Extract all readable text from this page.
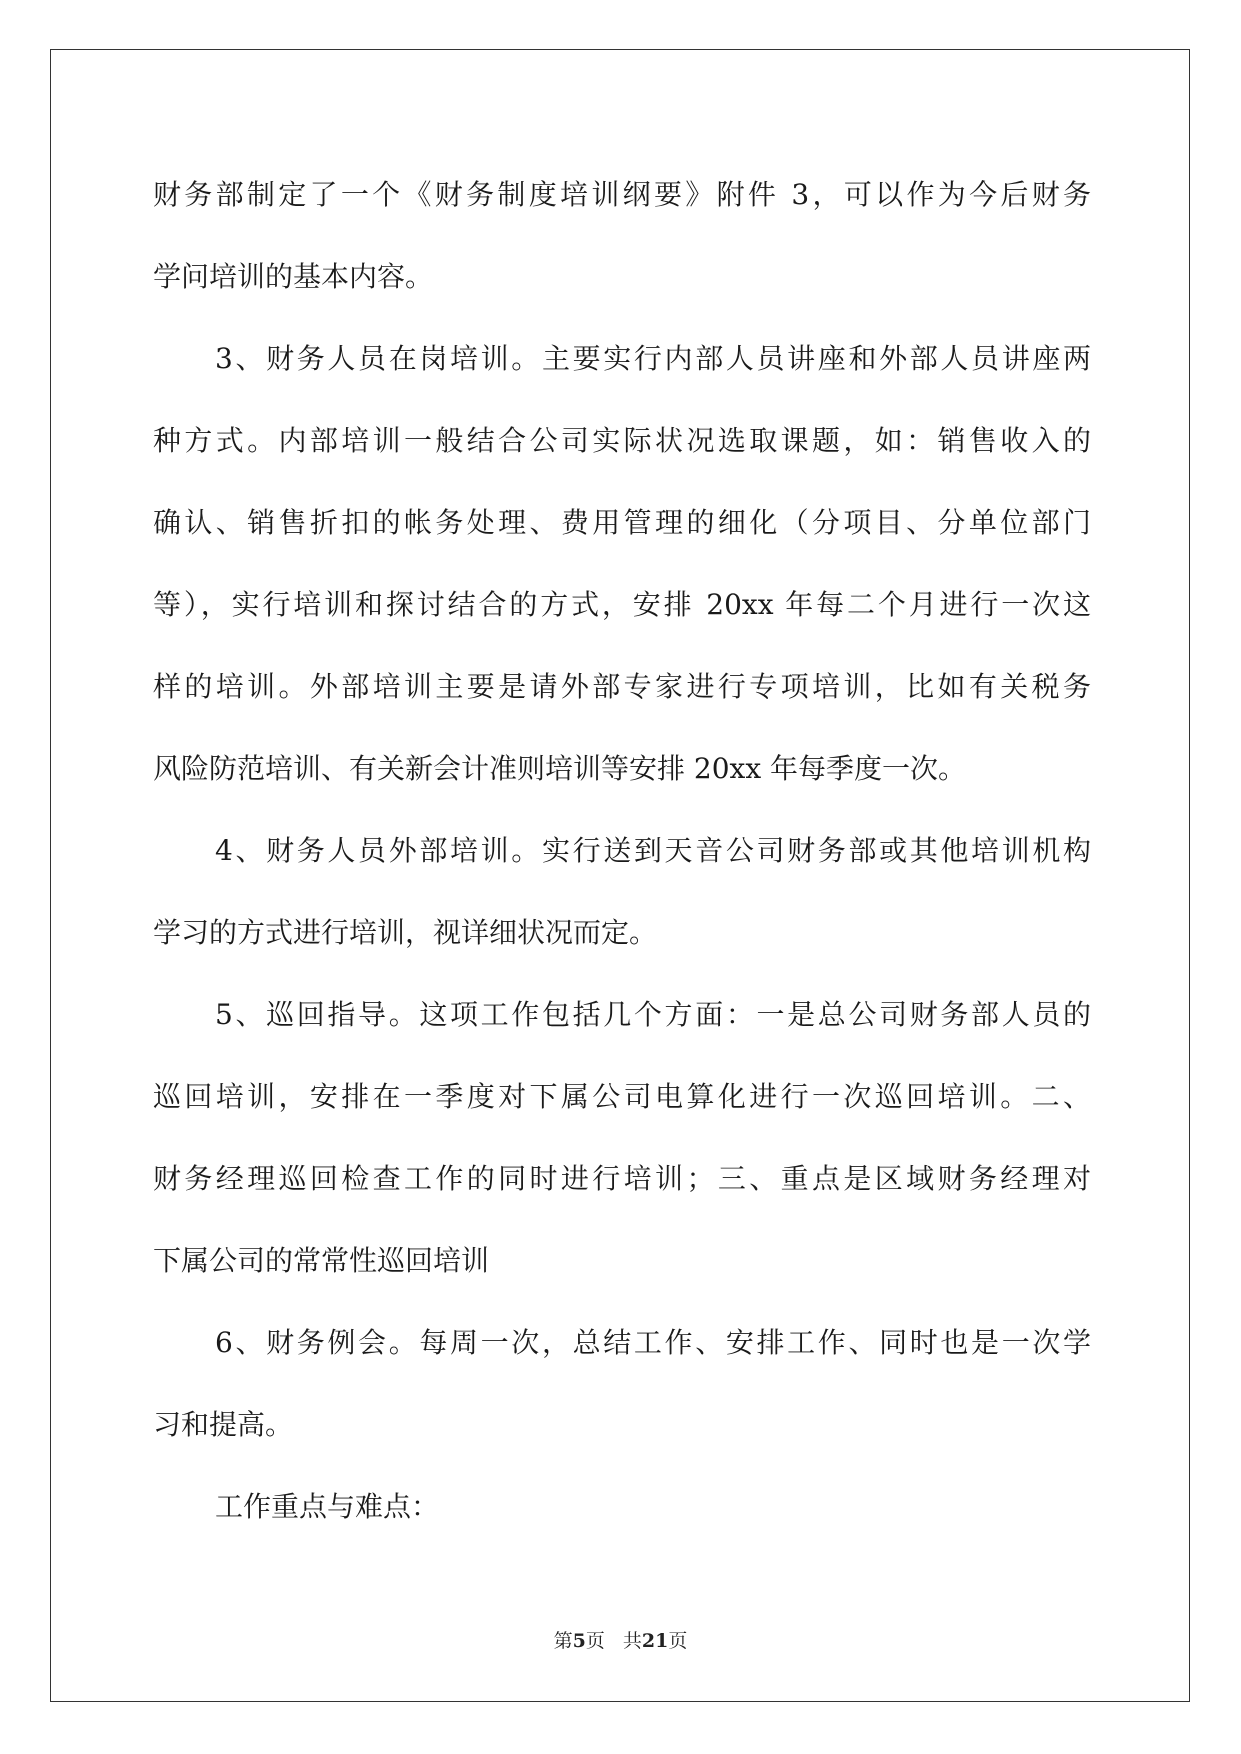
财务部制定了一个《财务制度培训纲要》附件 3，可以作为今后财务

学问培训的基本内容。

3、财务人员在岗培训。主要实行内部人员讲座和外部人员讲座两

种方式。内部培训一般结合公司实际状况选取课题，如：销售收入的

确认、销售折扣的帐务处理、费用管理的细化（分项目、分单位部门

等），实行培训和探讨结合的方式，安排 20xx 年每二个月进行一次这

样的培训。外部培训主要是请外部专家进行专项培训，比如有关税务

风险防范培训、有关新会计准则培训等安排 20xx 年每季度一次。

4、财务人员外部培训。实行送到天音公司财务部或其他培训机构

学习的方式进行培训，视详细状况而定。

5、巡回指导。这项工作包括几个方面：一是总公司财务部人员的

巡回培训，安排在一季度对下属公司电算化进行一次巡回培训。二、

财务经理巡回检查工作的同时进行培训；三、重点是区域财务经理对

下属公司的常常性巡回培训

6、财务例会。每周一次，总结工作、安排工作、同时也是一次学

习和提高。

工作重点与难点：

第5页 共21页
